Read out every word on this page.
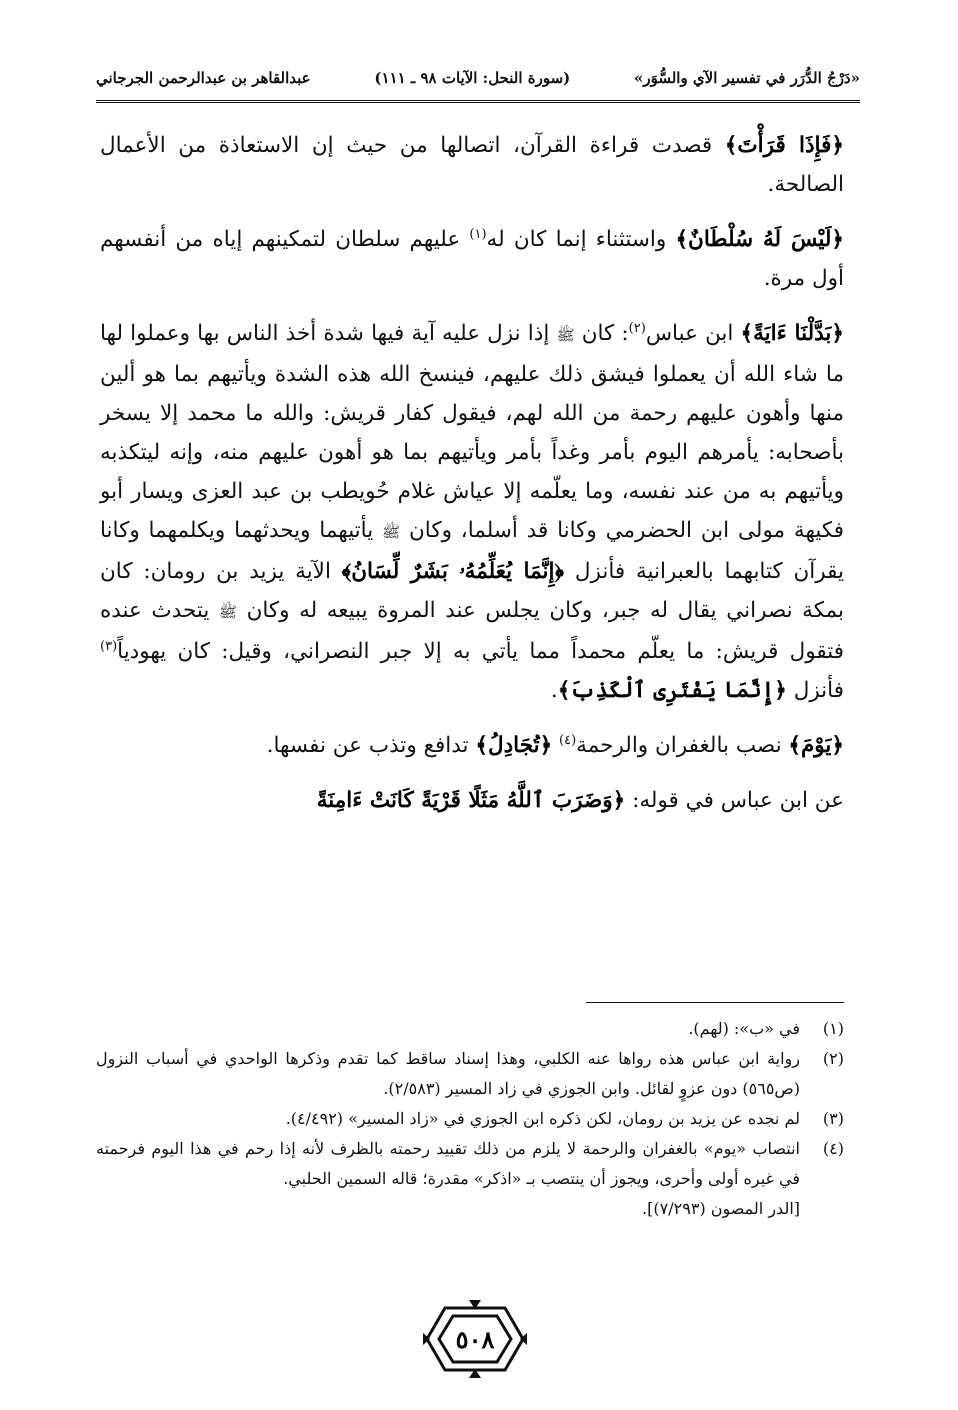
«دَرْجُ الدُّرَر في تفسير الآي والسُّوَر»
(سورة النحل: الآيات ٩٨ ـ ١١١)
عبدالقاهر بن عبدالرحمن الجرجاني

﴿فَإِذَا قَرَأْتَ﴾ قصدت قراءة القرآن، اتصالها من حيث إن الاستعاذة من الأعمال الصالحة.

﴿لَيْسَ لَهُ سُلْطَانٌ﴾ واستثناء إنما كان له$^{(١)}$ عليهم سلطان لتمكينهم إياه من أنفسهم أول مرة.

﴿بَدَّلْنَا ءَايَةً﴾ ابن عباس$^{(٢)}$: كان ﷺ إذا نزل عليه آية فيها شدة أخذ الناس بها وعملوا لها ما شاء الله أن يعملوا فيشق ذلك عليهم، فينسخ الله هذه الشدة ويأتيهم بما هو ألين منها وأهون عليهم رحمة من الله لهم، فيقول كفار قريش: والله ما محمد إلا يسخر بأصحابه: يأمرهم اليوم بأمر وغداً بأمر ويأتيهم بما هو أهون عليهم منه، وإنه ليتكذبه ويأتيهم به من عند نفسه، وما يعلّمه إلا عياش غلام حُويطب بن عبد العزى ويسار أبو فكيهة مولى ابن الحضرمي وكانا قد أسلما، وكان ﷺ يأتيهما ويحدثهما ويكلمهما وكانا يقرآن كتابهما بالعبرانية فأنزل ﴿إِنَّمَا يُعَلِّمُهُۥ بَشَرٌ لِّسَانُ﴾ الآية يزيد بن رومان: كان بمكة نصراني يقال له جبر، وكان يجلس عند المروة يبيعه له وكان ﷺ يتحدث عنده فتقول قريش: ما يعلّم محمداً مما يأتي به إلا جبر النصراني، وقيل: كان يهودياً$^{(٣)}$ فأنزل ﴿إِنَّمَا يَفْتَرِى ٱلْكَذِبَ﴾.

﴿يَوْمَ﴾ نصب بالغفران والرحمة$^{(٤)}$ ﴿تُجَادِلُ﴾ تدافع وتذب عن نفسها.

عن ابن عباس في قوله: ﴿وَضَرَبَ ٱللَّهُ مَثَلًا قَرْيَةً كَانَتْ ءَامِنَةً

(١)
في «ب»: (لهم).
(٢)
رواية ابن عباس هذه رواها عنه الكلبي، وهذا إسناد ساقط كما تقدم وذكرها الواحدي في أسباب النزول (ص٥٦٥) دون عزوٍ لقائل. وابن الجوزي في زاد المسير (٢/٥٨٣).
(٣)
لم نجده عن يزيد بن رومان، لكن ذكره ابن الجوزي في «زاد المسير» (٤/٤٩٢).
(٤)
انتصاب «يوم» بالغفران والرحمة لا يلزم من ذلك تقييد رحمته بالظرف لأنه إذا رحم في هذا اليوم فرحمته في غيره أولى وأحرى، ويجوز أن ينتصب بـ «اذكر» مقدرة؛ قاله السمين الحلبي.
[الدر المصون (٧/٢٩٣)].
٥٠٨
